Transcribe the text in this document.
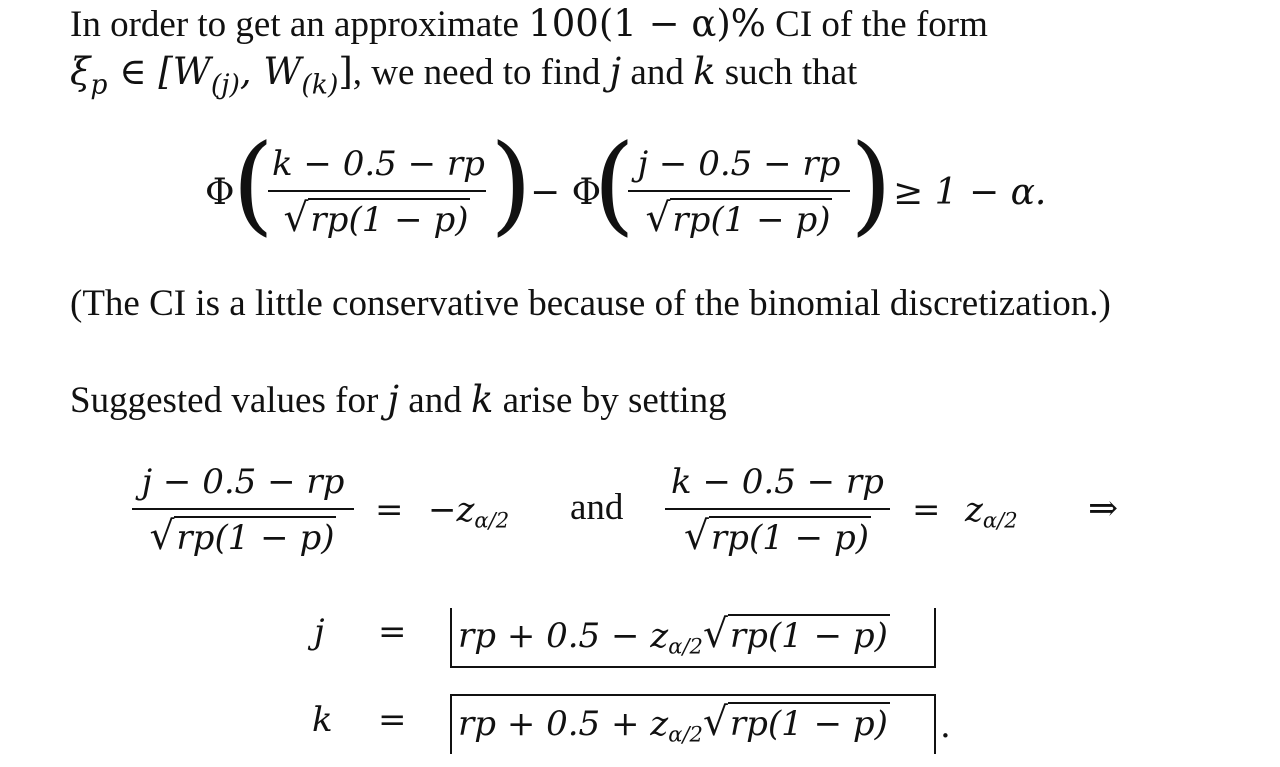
In order to get an approximate 100(1 − α)% CI of the form
$\xi_p$ ∈ [$W_{(j)}$, $W_{(k)}$], we need to find j and k such that
Φ
(
k − 0.5 − rp
√rp(1 − p) )
− Φ
( j − 0.5 − rp
√rp(1 − p) ) ≥ 1 − α.
(The CI is a little conservative because of the binomial discretization.)
Suggested values for j and k arise by setting
j − 0.5 − rp
√rp(1 − p)
= −zα/2 and
k − 0.5 − rp
√rp(1 − p)
= zα/2 ⇒
j = rp + 0.5 − zα/2√rp(1 − p)
k = rp + 0.5 + zα/2√rp(1 − p) .
